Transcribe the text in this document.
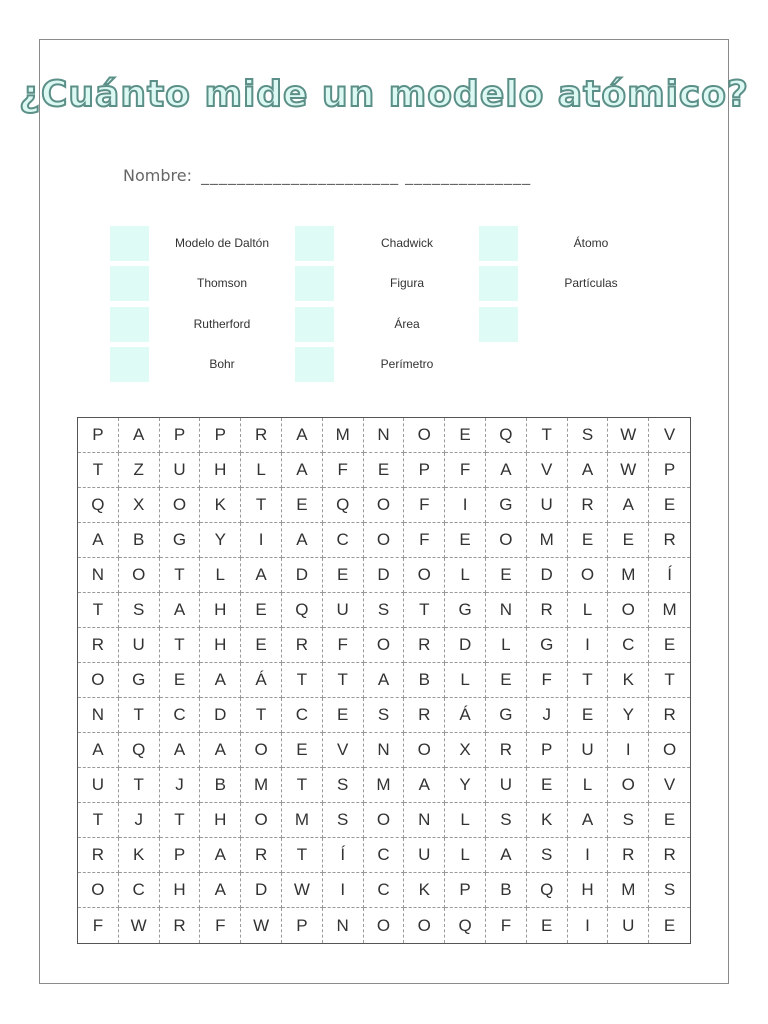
¿Cuánto mide un modelo atómico?
Nombre: ______________________ ______________
Modelo de Daltón
Thomson
Rutherford
Bohr
Chadwick
Figura
Área
Perímetro
Átomo
Partículas
P	A	P	P	R	A	M	N	O	E	Q	T	S	W	V
T	Z	U	H	L	A	F	E	P	F	A	V	A	W	P
Q	X	O	K	T	E	Q	O	F	I	G	U	R	A	E
A	B	G	Y	I	A	C	O	F	E	O	M	E	E	R
N	O	T	L	A	D	E	D	O	L	E	D	O	M	Í
T	S	A	H	E	Q	U	S	T	G	N	R	L	O	M
R	U	T	H	E	R	F	O	R	D	L	G	I	C	E
O	G	E	A	Á	T	T	A	B	L	E	F	T	K	T
N	T	C	D	T	C	E	S	R	Á	G	J	E	Y	R
A	Q	A	A	O	E	V	N	O	X	R	P	U	I	O
U	T	J	B	M	T	S	M	A	Y	U	E	L	O	V
T	J	T	H	O	M	S	O	N	L	S	K	A	S	E
R	K	P	A	R	T	Í	C	U	L	A	S	I	R	R
O	C	H	A	D	W	I	C	K	P	B	Q	H	M	S
F	W	R	F	W	P	N	O	O	Q	F	E	I	U	E
